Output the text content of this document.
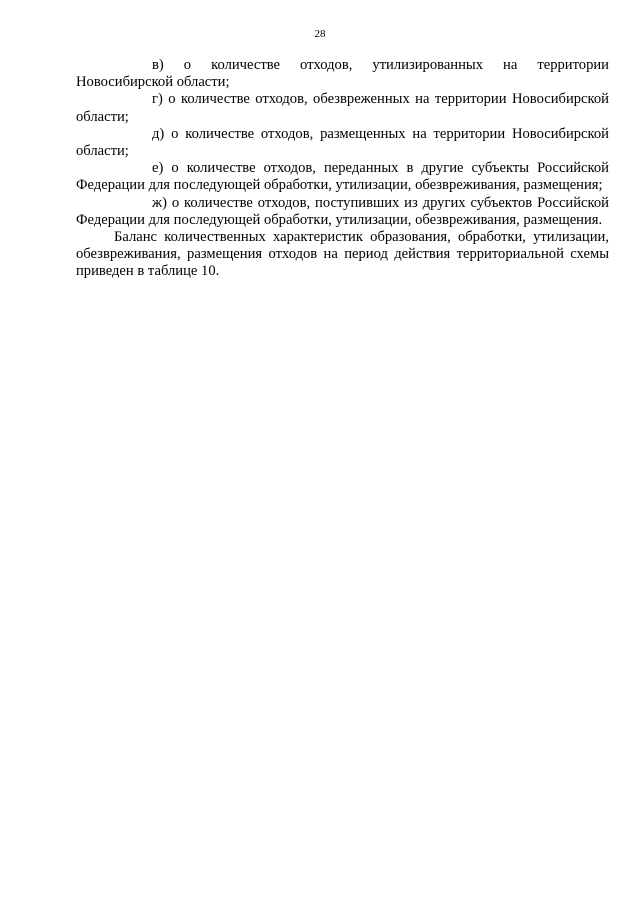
28

в) о количестве отходов, утилизированных на территории Новосибирской области;

г) о количестве отходов, обезвреженных на территории Новосибирской области;

д) о количестве отходов, размещенных на территории Новосибирской области;

е) о количестве отходов, переданных в другие субъекты Российской Федерации для последующей обработки, утилизации, обезвреживания, размещения;

ж) о количестве отходов, поступивших из других субъектов Российской Федерации для последующей обработки, утилизации, обезвреживания, размещения.

Баланс количественных характеристик образования, обработки, утилизации, обезвреживания, размещения отходов на период действия территориальной схемы приведен в таблице 10.
